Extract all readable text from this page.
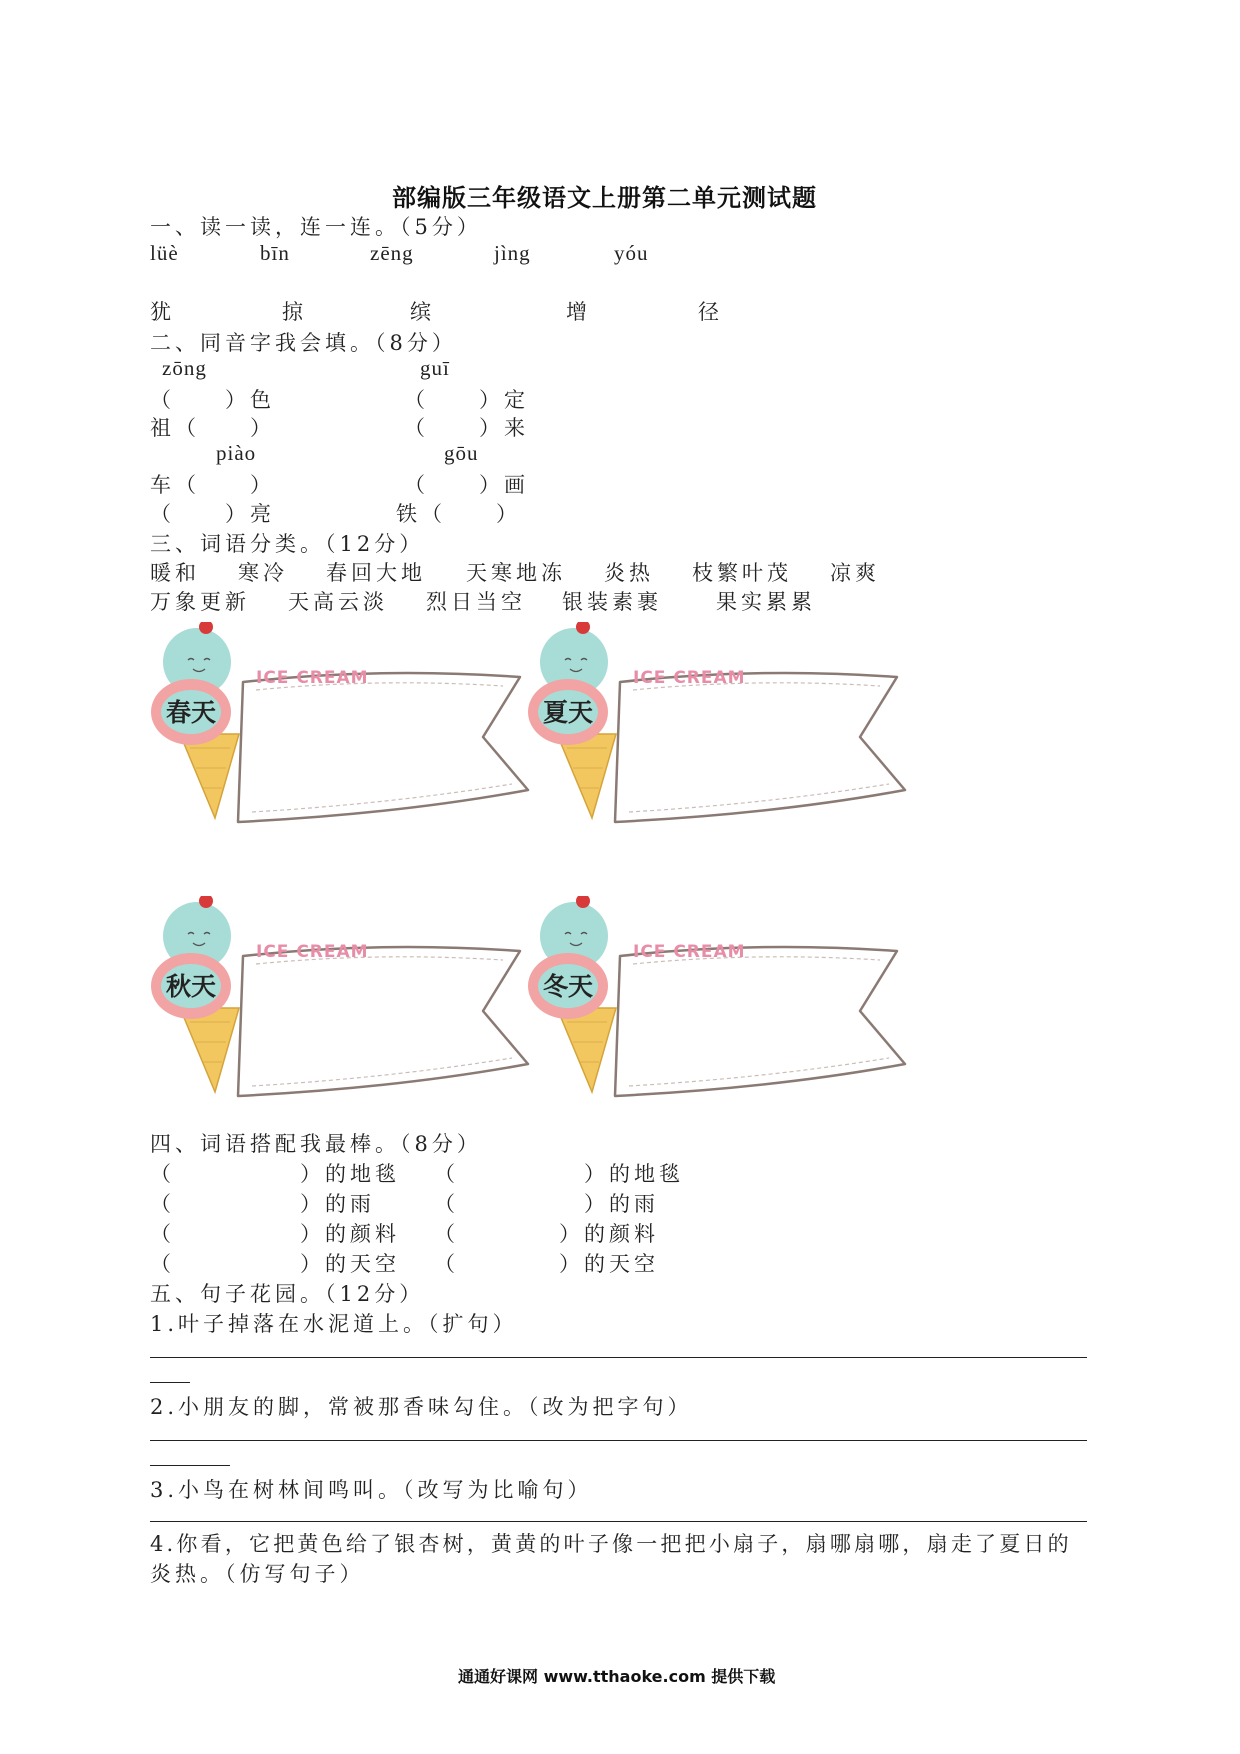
部编版三年级语文上册第二单元测试题
一、读一读，连一连。（5分）
lüè	bīn	zēng	jìng	yóu
犹	掠	缤	增	径
二、同音字我会填。（8分）
zōng	guī
（　　）色	（　　）定
祖（　　）	（　　）来
piào	gōu
车（　　）	（　　）画
（　　）亮	铁（　　）
三、词语分类。（12分）
暖和 寒冷 春回大地 天寒地冻 炎热 枝繁叶茂 凉爽
万象更新 天高云淡 烈日当空 银装素裹	果实累累
ICE CREAM
春天
ICE CREAM
夏天
ICE CREAM
秋天
ICE CREAM
冬天
四、词语搭配我最棒。（8分）
（　　　　　）的地毯 （　　　　　）的地毯
（　　　　　）的雨	（　　　　　）的雨
（　　　　　）的颜料 （　　　　）的颜料
（　　　　　）的天空 （　　　　）的天空
五、句子花园。（12分）
1.叶子掉落在水泥道上。（扩句）
2.小朋友的脚，常被那香味勾住。（改为把字句）
3.小鸟在树林间鸣叫。（改写为比喻句）
4.你看，它把黄色给了银杏树，黄黄的叶子像一把把小扇子，扇哪扇哪，扇走了夏日的
炎热。（仿写句子）
通通好课网 www.tthaoke.com 提供下载
